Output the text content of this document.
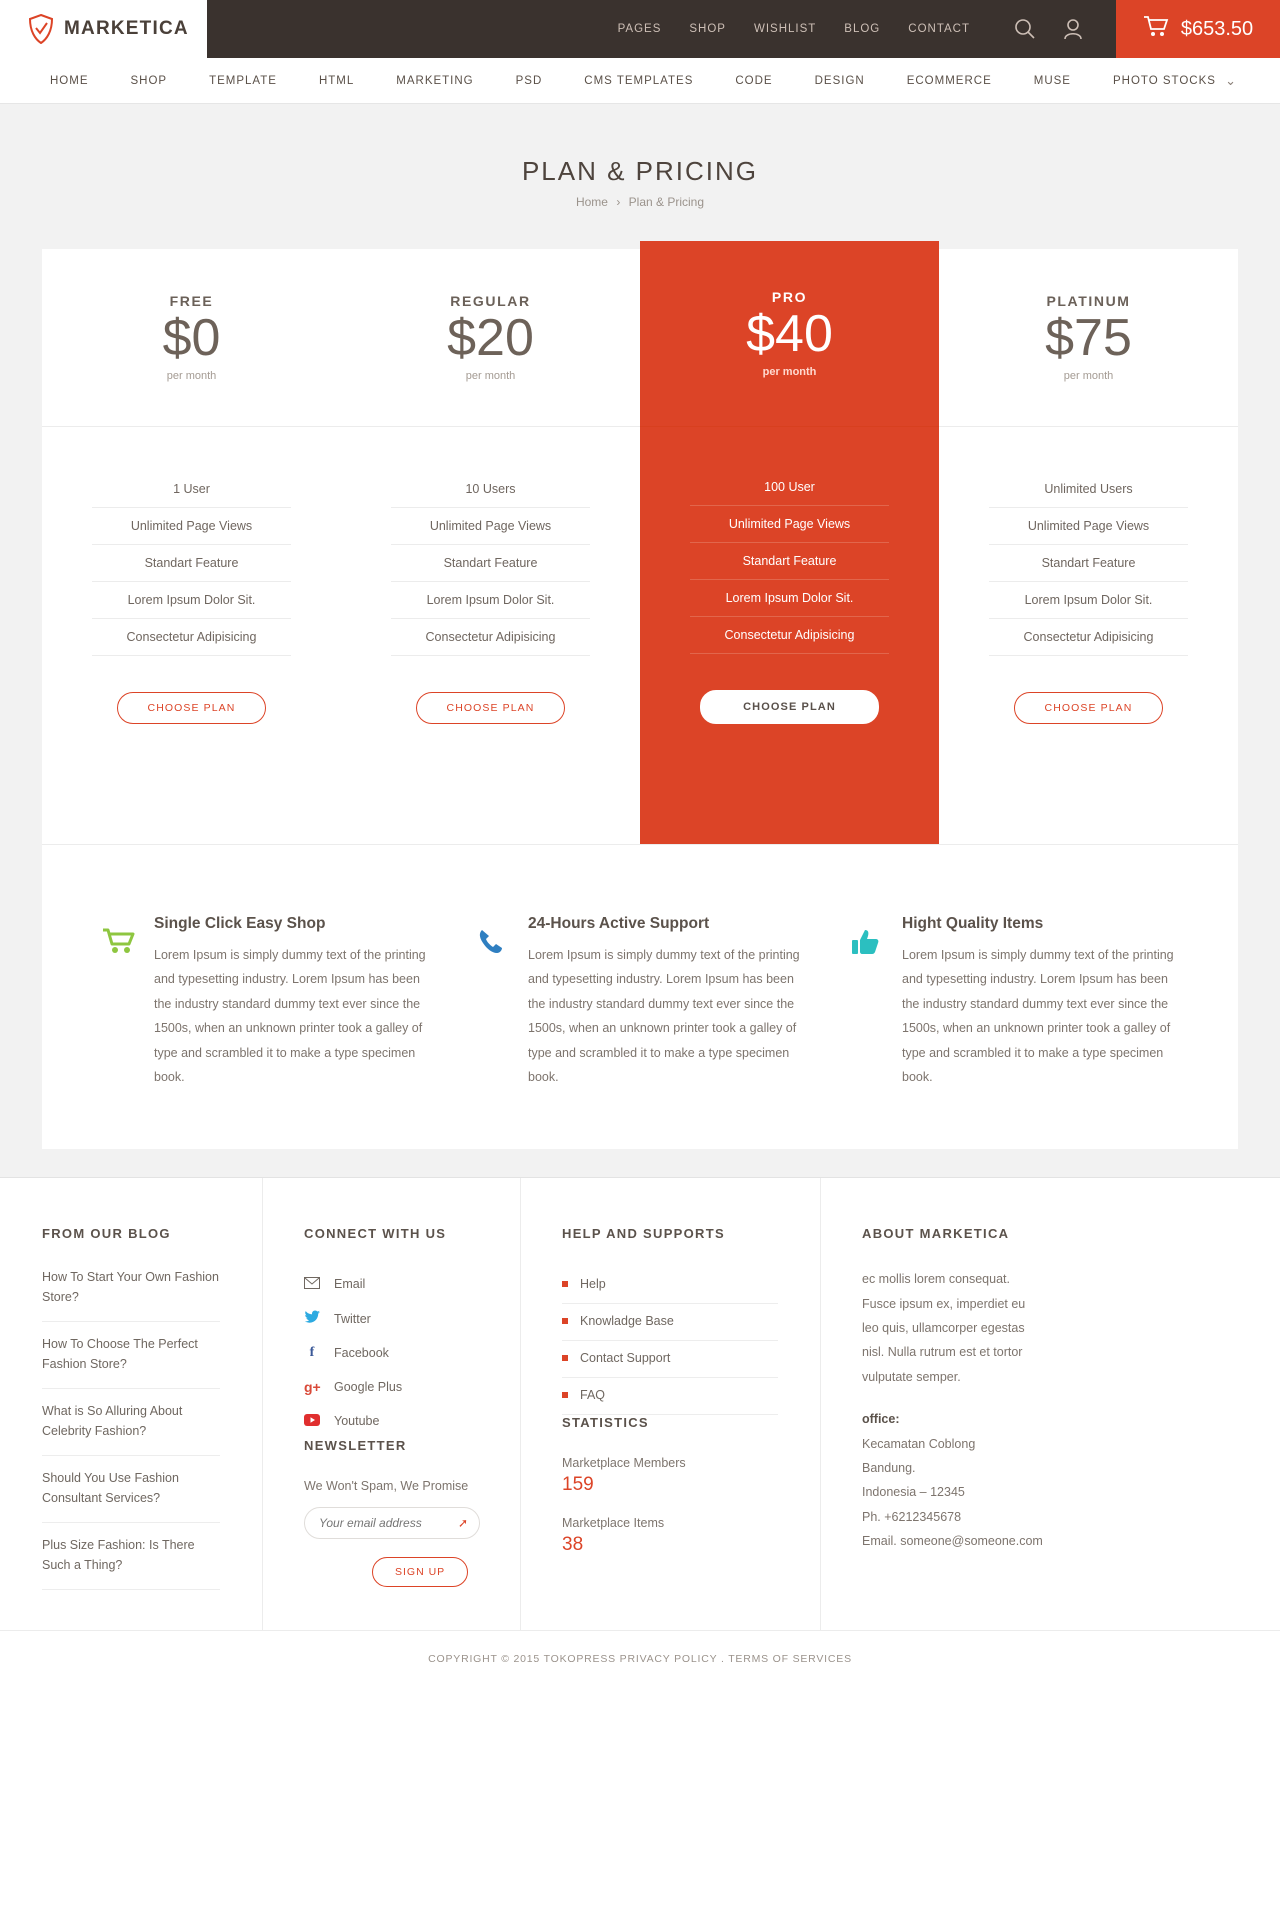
MARKETICA	PAGES SHOP WISHLIST BLOG CONTACT	$653.50
HOME	SHOP	TEMPLATE	HTML	MARKETING	PSD	CMS TEMPLATES	CODE	DESIGN	ECOMMERCE	MUSE	PHOTO STOCKS ⌄
PLAN & PRICING
Home › Plan & Pricing
FREE
$0
per month
1 User
Unlimited Page Views
Standart Feature
Lorem Ipsum Dolor Sit.
Consectetur Adipisicing
CHOOSE PLAN
REGULAR
$20
per month
10 Users
Unlimited Page Views
Standart Feature
Lorem Ipsum Dolor Sit.
Consectetur Adipisicing
CHOOSE PLAN
PRO
$40
per month
100 User
Unlimited Page Views
Standart Feature
Lorem Ipsum Dolor Sit.
Consectetur Adipisicing
CHOOSE PLAN
PLATINUM
$75
per month
Unlimited Users
Unlimited Page Views
Standart Feature
Lorem Ipsum Dolor Sit.
Consectetur Adipisicing
CHOOSE PLAN
Single Click Easy Shop

Lorem Ipsum is simply dummy text of the printing and typesetting industry. Lorem Ipsum has been the industry standard dummy text ever since the 1500s, when an unknown printer took a galley of type and scrambled it to make a type specimen book.

24-Hours Active Support

Lorem Ipsum is simply dummy text of the printing and typesetting industry. Lorem Ipsum has been the industry standard dummy text ever since the 1500s, when an unknown printer took a galley of type and scrambled it to make a type specimen book.

Hight Quality Items

Lorem Ipsum is simply dummy text of the printing and typesetting industry. Lorem Ipsum has been the industry standard dummy text ever since the 1500s, when an unknown printer took a galley of type and scrambled it to make a type specimen book.

FROM OUR BLOG
How To Start Your Own Fashion Store?
How To Choose The Perfect Fashion Store?
What is So Alluring About Celebrity Fashion?
Should You Use Fashion Consultant Services?
Plus Size Fashion: Is There Such a Thing?
CONNECT WITH US
Email
Twitter
f	Facebook
g+ Google Plus
Youtube
NEWSLETTER
We Won't Spam, We Promise
Your email address
➚
SIGN UP
HELP AND SUPPORTS
Help
Knowladge Base
Contact Support
FAQ
STATISTICS
Marketplace Members
159
Marketplace Items
38
ABOUT MARKETICA

ec mollis lorem consequat. Fusce ipsum ex, imperdiet eu leo quis, ullamcorper egestas nisl. Nulla rutrum est et tortor vulputate semper.

office:
Kecamatan Coblong
Bandung.
Indonesia – 12345
Ph. +6212345678
Email. someone@someone.com
COPYRIGHT © 2015 TOKOPRESS PRIVACY POLICY . TERMS OF SERVICES
